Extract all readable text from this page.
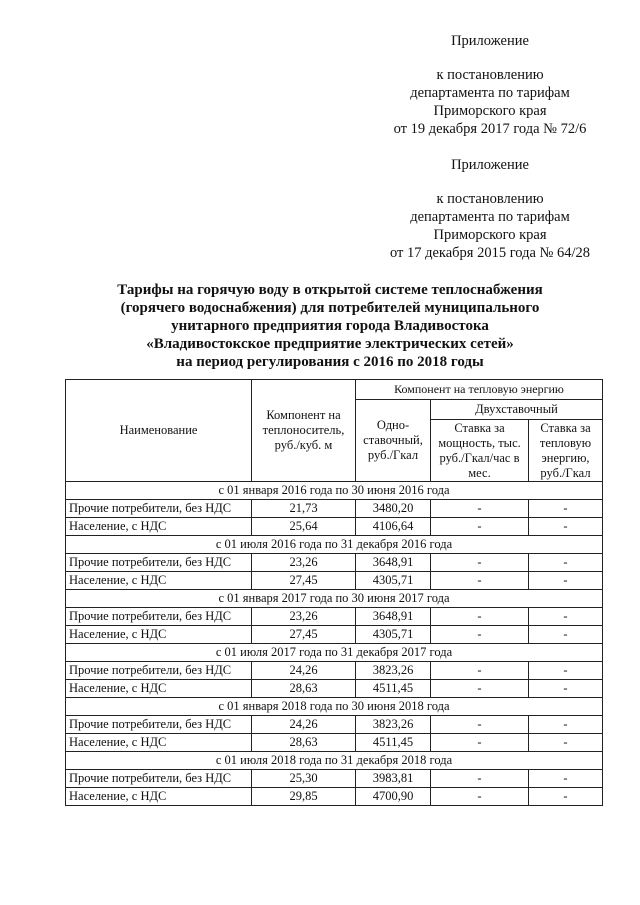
Приложение
к постановлению
департамента по тарифам
Приморского края
от 19 декабря 2017 года № 72/6
Приложение
к постановлению
департамента по тарифам
Приморского края
от 17 декабря 2015 года № 64/28
Тарифы на горячую воду в открытой системе теплоснабжения
(горячего водоснабжения) для потребителей муниципального
унитарного предприятия города Владивостока
«Владивостокское предприятие электрических сетей»
на период регулирования с 2016 по 2018 годы
Наименование	Компонент на теплоноситель, руб./куб. м	Компонент на тепловую энергию		
		Одно-ставочный, руб./Гкал	Двухставочный	
			Ставка за мощность, тыс. руб./Гкал/час в мес.	Ставка за тепловую энергию, руб./Гкал
с 01 января 2016 года по 30 июня 2016 года				
Прочие потребители, без НДС	21,73	3480,20	-	-
Население, с НДС	25,64	4106,64	-	-
с 01 июля 2016 года по 31 декабря 2016 года				
Прочие потребители, без НДС	23,26	3648,91	-	-
Население, с НДС	27,45	4305,71	-	-
с 01 января 2017 года по 30 июня 2017 года				
Прочие потребители, без НДС	23,26	3648,91	-	-
Население, с НДС	27,45	4305,71	-	-
с 01 июля 2017 года по 31 декабря 2017 года				
Прочие потребители, без НДС	24,26	3823,26	-	-
Население, с НДС	28,63	4511,45	-	-
с 01 января 2018 года по 30 июня 2018 года				
Прочие потребители, без НДС	24,26	3823,26	-	-
Население, с НДС	28,63	4511,45	-	-
с 01 июля 2018 года по 31 декабря 2018 года				
Прочие потребители, без НДС	25,30	3983,81	-	-
Население, с НДС	29,85	4700,90	-	-
